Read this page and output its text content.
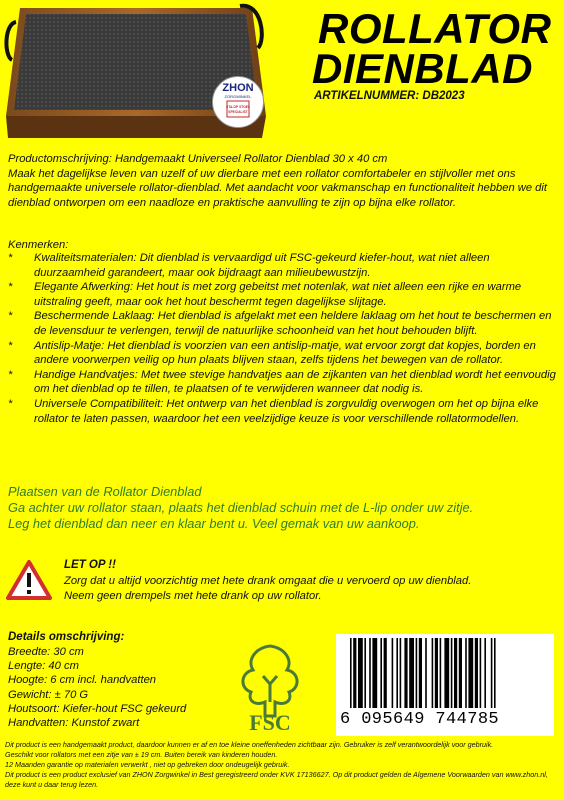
ZHON
ZORGWINKEL
STA-OP STOEL
SPECIALIST
ROLLATOR
DIENBLAD
ARTIKELNUMMER: DB2023
Productomschrijving: Handgemaakt Universeel Rollator Dienblad 30 x 40 cm
Maak het dagelijkse leven van uzelf of uw dierbare met een rollator comfortabeler en stijlvoller met ons handgemaakte universele rollator-dienblad. Met aandacht voor vakmanschap en functionaliteit hebben we dit dienblad ontworpen om een naadloze en praktische aanvulling te zijn op bijna elke rollator.
Kenmerken:
* Kwaliteitsmaterialen: Dit dienblad is vervaardigd uit FSC-gekeurd kiefer-hout, wat niet alleen duurzaamheid garandeert, maar ook bijdraagt aan milieubewustzijn.
* Elegante Afwerking: Het hout is met zorg gebeitst met notenlak, wat niet alleen een rijke en warme uitstraling geeft, maar ook het hout beschermt tegen dagelijkse slijtage.
* Beschermende Laklaag: Het dienblad is afgelakt met een heldere laklaag om het hout te beschermen en de levensduur te verlengen, terwijl de natuurlijke schoonheid van het hout behouden blijft.
* Antislip-Matje: Het dienblad is voorzien van een antislip-matje, wat ervoor zorgt dat kopjes, borden en andere voorwerpen veilig op hun plaats blijven staan, zelfs tijdens het bewegen van de rollator.
* Handige Handvatjes: Met twee stevige handvatjes aan de zijkanten van het dienblad wordt het eenvoudig om het dienblad op te tillen, te plaatsen of te verwijderen wanneer dat nodig is.
* Universele Compatibiliteit: Het ontwerp van het dienblad is zorgvuldig overwogen om het op bijna elke rollator te laten passen, waardoor het een veelzijdige keuze is voor verschillende rollatormodellen.
Plaatsen van de Rollator Dienblad
Ga achter uw rollator staan, plaats het dienblad schuin met de L-lip onder uw zitje.
Leg het dienblad dan neer en klaar bent u. Veel gemak van uw aankoop.
LET OP !!
Zorg dat u altijd voorzichtig met hete drank omgaat die u vervoerd op uw dienblad.
Neem geen drempels met hete drank op uw rollator.
Details omschrijving:
Breedte: 30 cm
Lengte: 40 cm
Hoogte: 6 cm incl. handvatten
Gewicht: ± 70 G
Houtsoort: Kiefer-hout FSC gekeurd
Handvatten: Kunstof zwart	FSC	6 095649 744785
Dit product is een handgemaakt product, daardoor kunnen er af en toe kleine oneffenheden zichtbaar zijn. Gebruiker is zelf verantwoordelijk voor gebruik.
Geschikt voor rollators met een zitje van ± 19 cm. Buiten bereik van kinderen houden.
12 Maanden garantie op materialen verwerkt , niet op gebreken door ondeugelijk gebruik.
Dit product is een product exclusief van ZHON Zorgwinkel in Best geregistreerd onder KVK 17136627. Op dit product gelden de Algemene Voorwaarden van www.zhon.nl, deze kunt u daar terug lezen.
